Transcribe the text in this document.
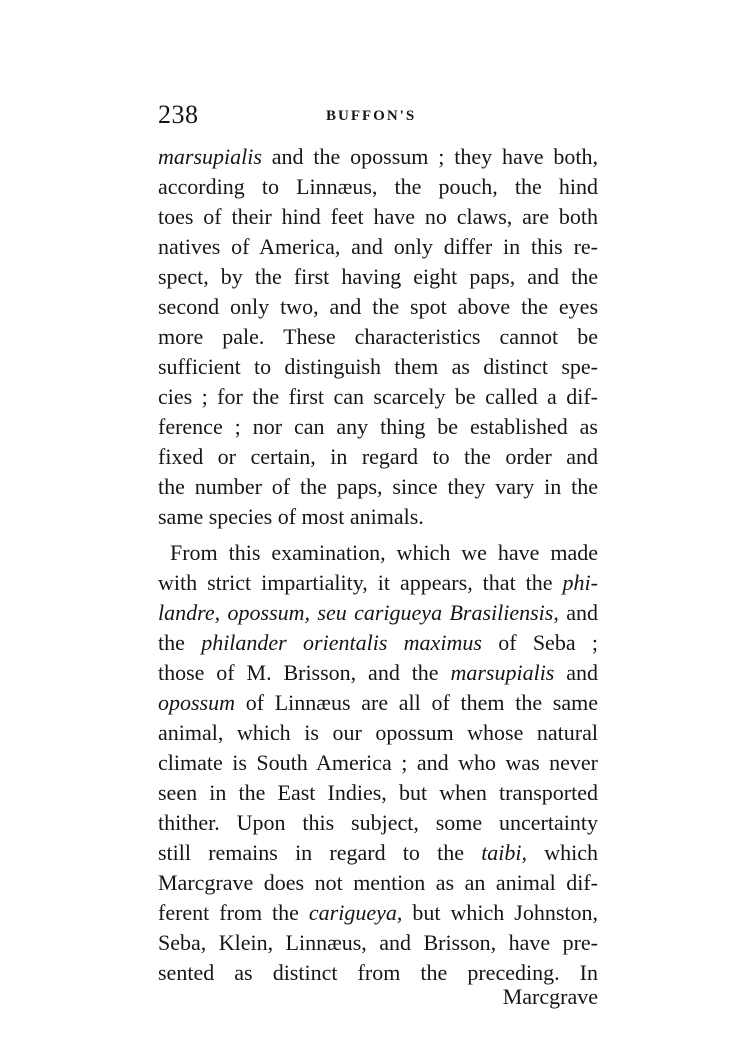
238	BUFFON'S
marsupialis and the opossum ; they have both,
according to Linnæus, the pouch, the hind
toes of their hind feet have no claws, are both
natives of America, and only differ in this re-
spect, by the first having eight paps, and the
second only two, and the spot above the eyes
more pale. These characteristics cannot be
sufficient to distinguish them as distinct spe-
cies ; for the first can scarcely be called a dif-
ference ; nor can any thing be established as
fixed or certain, in regard to the order and
the number of the paps, since they vary in the
same species of most animals.
From this examination, which we have made
with strict impartiality, it appears, that the phi-
landre, opossum, seu carigueya Brasiliensis, and
the philander orientalis maximus of Seba ;
those of M. Brisson, and the marsupialis and
opossum of Linnæus are all of them the same
animal, which is our opossum whose natural
climate is South America ; and who was never
seen in the East Indies, but when transported
thither. Upon this subject, some uncertainty
still remains in regard to the taibi, which
Marcgrave does not mention as an animal dif-
ferent from the carigueya, but which Johnston,
Seba, Klein, Linnæus, and Brisson, have pre-
sented as distinct from the preceding. In
Marcgrave
